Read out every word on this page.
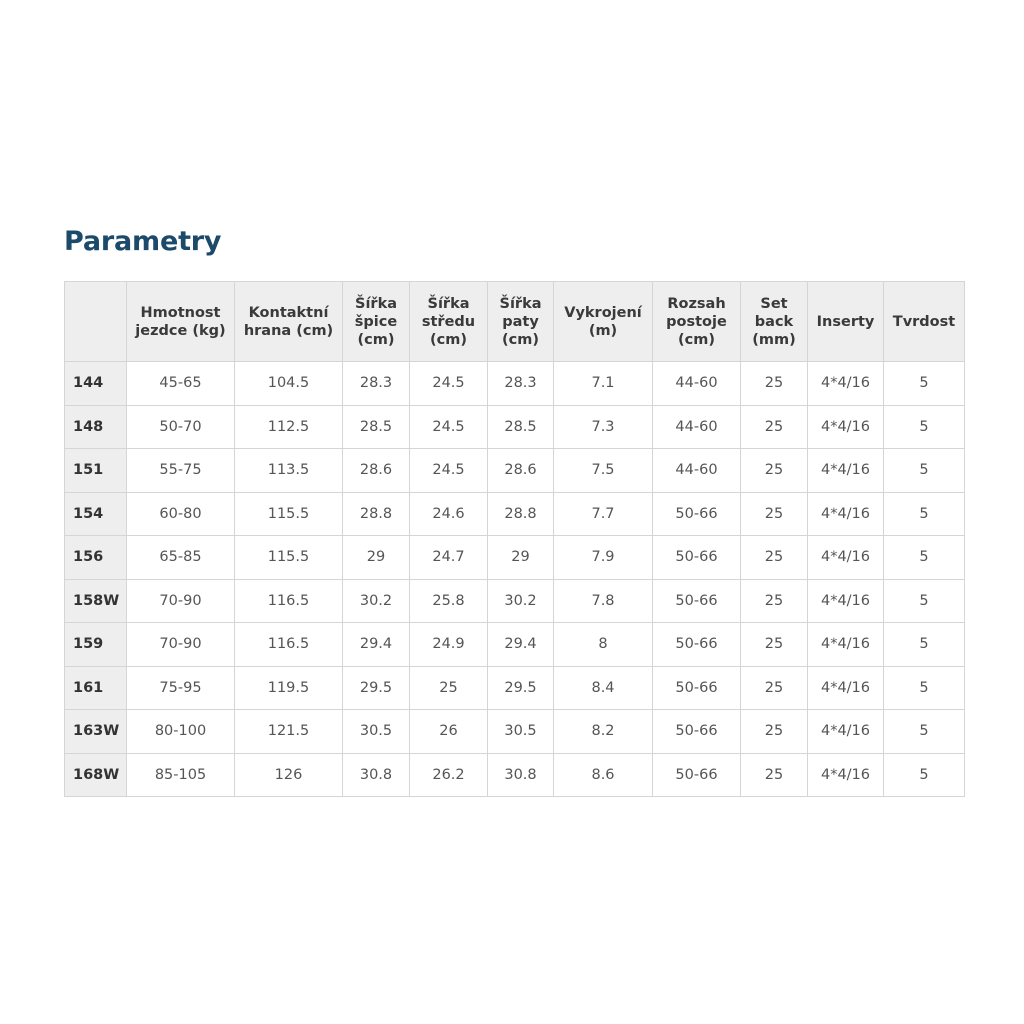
Parametry
	Hmotnost jezdce (kg)	Kontaktní hrana (cm)	Šířka špice (cm)	Šířka středu (cm)	Šířka paty (cm)	Vykrojení (m)	Rozsah postoje (cm)	Set back (mm)	Inserty	Tvrdost
144	45-65	104.5	28.3	24.5	28.3	7.1	44-60	25	4*4/16	5
148	50-70	112.5	28.5	24.5	28.5	7.3	44-60	25	4*4/16	5
151	55-75	113.5	28.6	24.5	28.6	7.5	44-60	25	4*4/16	5
154	60-80	115.5	28.8	24.6	28.8	7.7	50-66	25	4*4/16	5
156	65-85	115.5	29	24.7	29	7.9	50-66	25	4*4/16	5
158W	70-90	116.5	30.2	25.8	30.2	7.8	50-66	25	4*4/16	5
159	70-90	116.5	29.4	24.9	29.4	8	50-66	25	4*4/16	5
161	75-95	119.5	29.5	25	29.5	8.4	50-66	25	4*4/16	5
163W	80-100	121.5	30.5	26	30.5	8.2	50-66	25	4*4/16	5
168W	85-105	126	30.8	26.2	30.8	8.6	50-66	25	4*4/16	5
